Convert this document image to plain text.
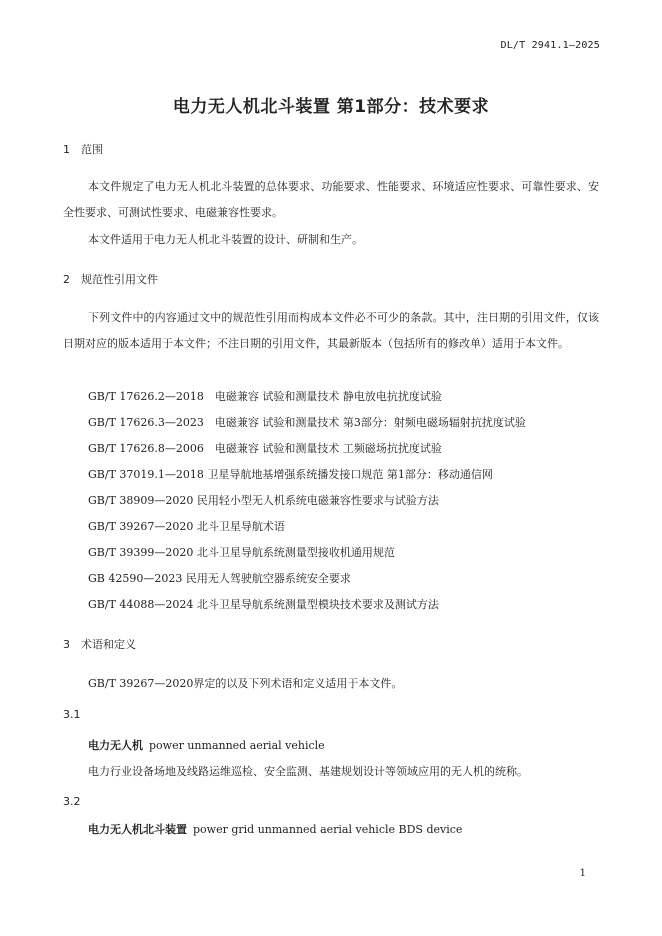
DL/T 2941.1—2025
电力无人机北斗装置 第1部分：技术要求
1 范围
本文件规定了电力无人机北斗装置的总体要求、功能要求、性能要求、环境适应性要求、可靠性要求、安全性要求、可测试性要求、电磁兼容性要求。
本文件适用于电力无人机北斗装置的设计、研制和生产。
2 规范性引用文件
下列文件中的内容通过文中的规范性引用而构成本文件必不可少的条款。其中，注日期的引用文件，仅该日期对应的版本适用于本文件；不注日期的引用文件，其最新版本（包括所有的修改单）适用于本文件。
GB/T 17626.2—2018　电磁兼容 试验和测量技术 静电放电抗扰度试验
GB/T 17626.3—2023　电磁兼容 试验和测量技术 第3部分：射频电磁场辐射抗扰度试验
GB/T 17626.8—2006　电磁兼容 试验和测量技术 工频磁场抗扰度试验
GB/T 37019.1—2018 卫星导航地基增强系统播发接口规范 第1部分：移动通信网
GB/T 38909—2020 民用轻小型无人机系统电磁兼容性要求与试验方法
GB/T 39267—2020 北斗卫星导航术语
GB/T 39399—2020 北斗卫星导航系统测量型接收机通用规范
GB 42590—2023 民用无人驾驶航空器系统安全要求
GB/T 44088—2024 北斗卫星导航系统测量型模块技术要求及测试方法
3 术语和定义
GB/T 39267—2020界定的以及下列术语和定义适用于本文件。
3.1
电力无人机 power unmanned aerial vehicle
电力行业设备场地及线路运维巡检、安全监测、基建规划设计等领域应用的无人机的统称。
3.2
电力无人机北斗装置 power grid unmanned aerial vehicle BDS device
1
